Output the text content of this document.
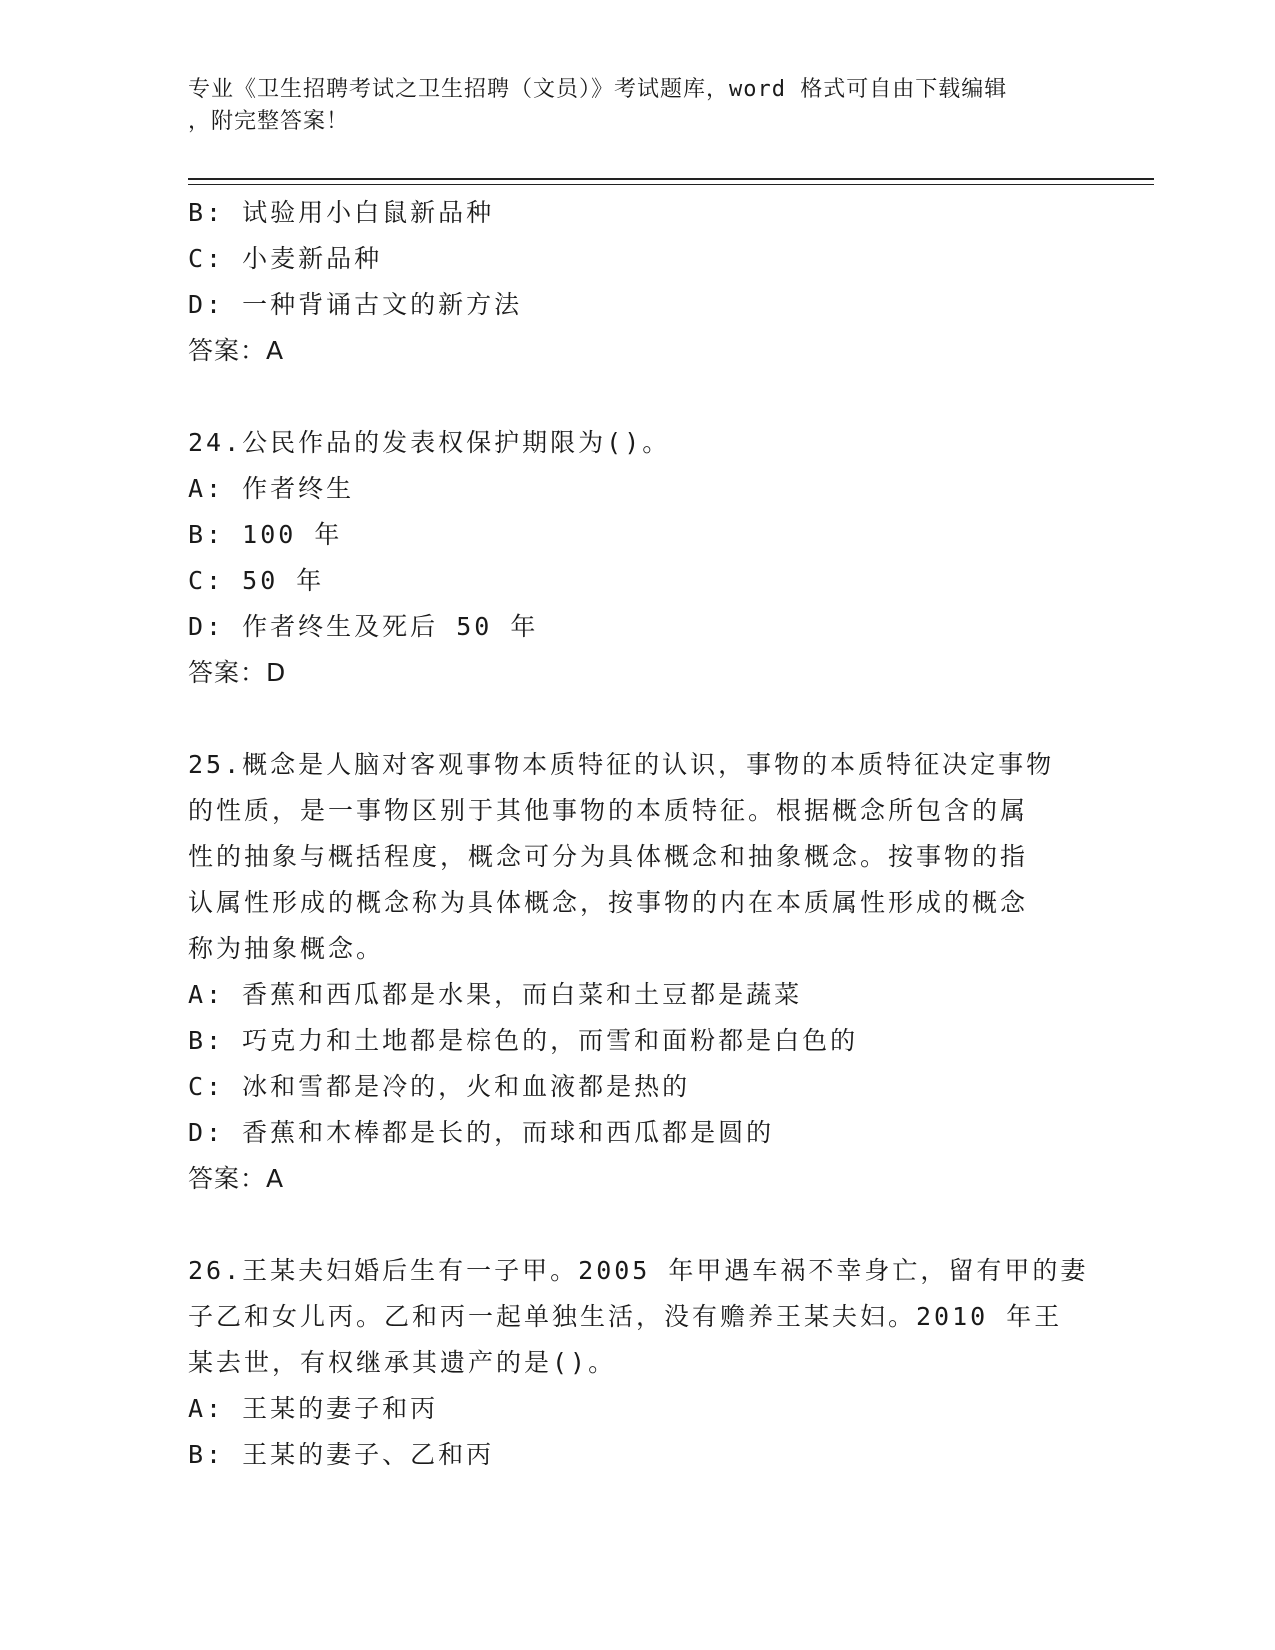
专业《卫生招聘考试之卫生招聘（文员）》考试题库，word 格式可自由下载编辑
，附完整答案！
B: 试验用小白鼠新品种
C: 小麦新品种
D: 一种背诵古文的新方法
答案：A
24.公民作品的发表权保护期限为()。
A: 作者终生
B: 100 年
C: 50 年
D: 作者终生及死后 50 年
答案：D
25.概念是人脑对客观事物本质特征的认识，事物的本质特征决定事物
的性质，是一事物区别于其他事物的本质特征。根据概念所包含的属
性的抽象与概括程度，概念可分为具体概念和抽象概念。按事物的指
认属性形成的概念称为具体概念，按事物的内在本质属性形成的概念
称为抽象概念。
A: 香蕉和西瓜都是水果，而白菜和土豆都是蔬菜
B: 巧克力和土地都是棕色的，而雪和面粉都是白色的
C: 冰和雪都是冷的，火和血液都是热的
D: 香蕉和木棒都是长的，而球和西瓜都是圆的
答案：A
26.王某夫妇婚后生有一子甲。2005 年甲遇车祸不幸身亡，留有甲的妻
子乙和女儿丙。乙和丙一起单独生活，没有赡养王某夫妇。2010 年王
某去世，有权继承其遗产的是()。
A: 王某的妻子和丙
B: 王某的妻子、乙和丙
